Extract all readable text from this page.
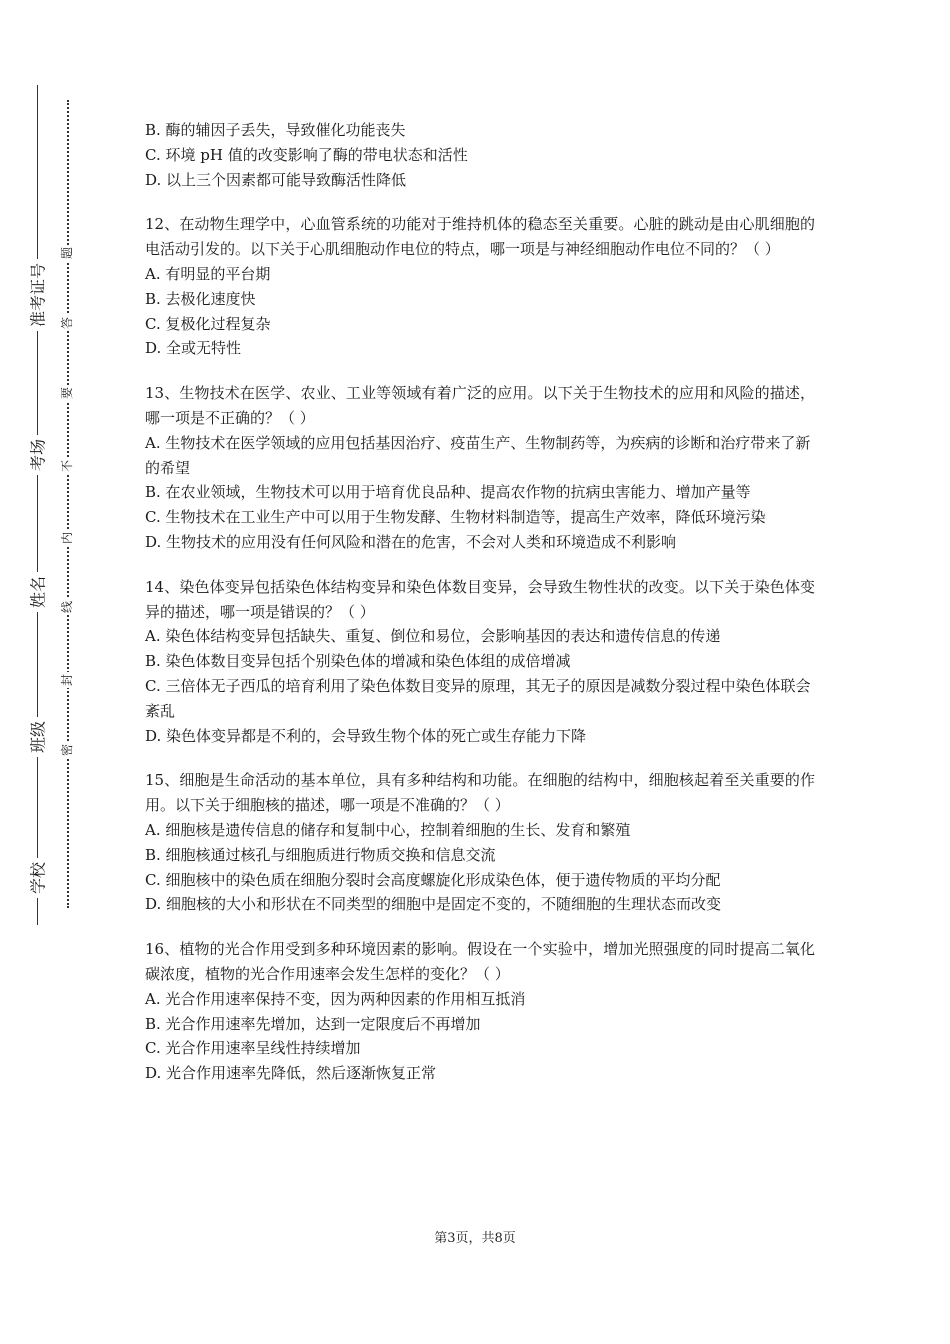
准考证号
考场
姓名
班级
学校
题
答
要
不
内
线
封
密
B. 酶的辅因子丢失，导致催化功能丧失
C. 环境 pH 值的改变影响了酶的带电状态和活性
D. 以上三个因素都可能导致酶活性降低
12、在动物生理学中，心血管系统的功能对于维持机体的稳态至关重要。心脏的跳动是由心肌细胞的电活动引发的。以下关于心肌细胞动作电位的特点，哪一项是与神经细胞动作电位不同的？（ ）
A. 有明显的平台期
B. 去极化速度快
C. 复极化过程复杂
D. 全或无特性
13、生物技术在医学、农业、工业等领域有着广泛的应用。以下关于生物技术的应用和风险的描述，哪一项是不正确的？（ ）
A. 生物技术在医学领域的应用包括基因治疗、疫苗生产、生物制药等，为疾病的诊断和治疗带来了新的希望
B. 在农业领域，生物技术可以用于培育优良品种、提高农作物的抗病虫害能力、增加产量等
C. 生物技术在工业生产中可以用于生物发酵、生物材料制造等，提高生产效率，降低环境污染
D. 生物技术的应用没有任何风险和潜在的危害，不会对人类和环境造成不利影响
14、染色体变异包括染色体结构变异和染色体数目变异，会导致生物性状的改变。以下关于染色体变异的描述，哪一项是错误的？（ ）
A. 染色体结构变异包括缺失、重复、倒位和易位，会影响基因的表达和遗传信息的传递
B. 染色体数目变异包括个别染色体的增减和染色体组的成倍增减
C. 三倍体无子西瓜的培育利用了染色体数目变异的原理，其无子的原因是减数分裂过程中染色体联会紊乱
D. 染色体变异都是不利的，会导致生物个体的死亡或生存能力下降
15、细胞是生命活动的基本单位，具有多种结构和功能。在细胞的结构中，细胞核起着至关重要的作用。以下关于细胞核的描述，哪一项是不准确的？（ ）
A. 细胞核是遗传信息的储存和复制中心，控制着细胞的生长、发育和繁殖
B. 细胞核通过核孔与细胞质进行物质交换和信息交流
C. 细胞核中的染色质在细胞分裂时会高度螺旋化形成染色体，便于遗传物质的平均分配
D. 细胞核的大小和形状在不同类型的细胞中是固定不变的，不随细胞的生理状态而改变
16、植物的光合作用受到多种环境因素的影响。假设在一个实验中，增加光照强度的同时提高二氧化碳浓度，植物的光合作用速率会发生怎样的变化？（ ）
A. 光合作用速率保持不变，因为两种因素的作用相互抵消
B. 光合作用速率先增加，达到一定限度后不再增加
C. 光合作用速率呈线性持续增加
D. 光合作用速率先降低，然后逐渐恢复正常
第3页，共8页
